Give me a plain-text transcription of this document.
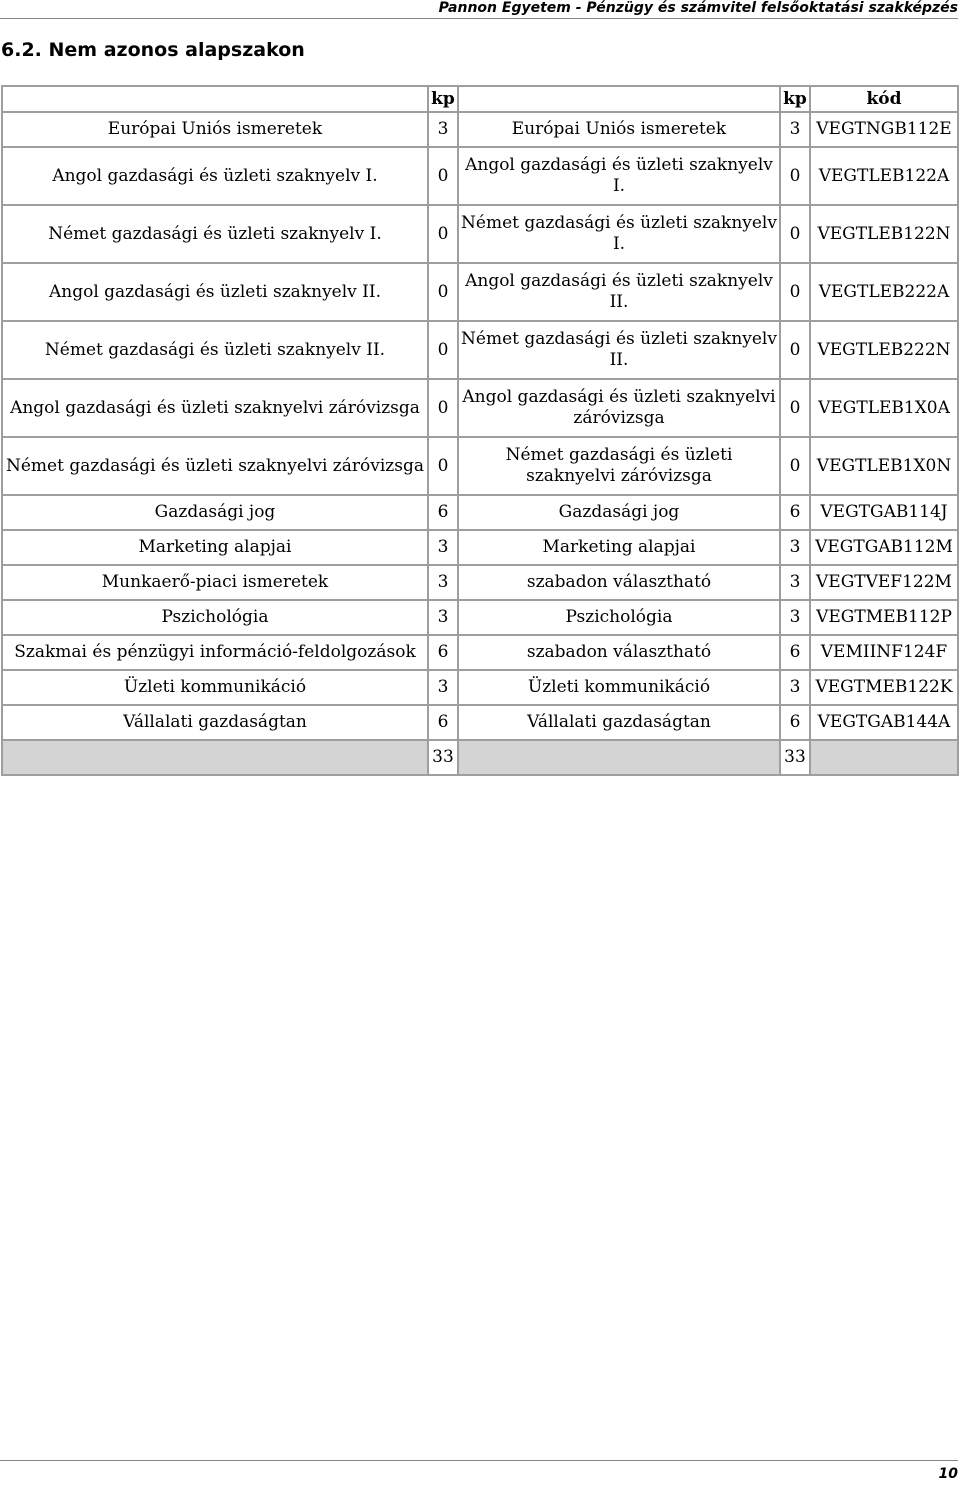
Pannon Egyetem - Pénzügy és számvitel felsőoktatási szakképzés
6.2. Nem azonos alapszakon
	kp		kp	kód
Európai Uniós ismeretek	3	Európai Uniós ismeretek	3	VEGTNGB112E
Angol gazdasági és üzleti szaknyelv I.	0	Angol gazdasági és üzleti szaknyelv I.	0	VEGTLEB122A
Német gazdasági és üzleti szaknyelv I.	0	Német gazdasági és üzleti szaknyelv I.	0	VEGTLEB122N
Angol gazdasági és üzleti szaknyelv II.	0	Angol gazdasági és üzleti szaknyelv II.	0	VEGTLEB222A
Német gazdasági és üzleti szaknyelv II.	0	Német gazdasági és üzleti szaknyelv II.	0	VEGTLEB222N
Angol gazdasági és üzleti szaknyelvi záróvizsga	0	Angol gazdasági és üzleti szaknyelvi záróvizsga	0	VEGTLEB1X0A
Német gazdasági és üzleti szaknyelvi záróvizsga	0	Német gazdasági és üzleti szaknyelvi záróvizsga	0	VEGTLEB1X0N
Gazdasági jog	6	Gazdasági jog	6	VEGTGAB114J
Marketing alapjai	3	Marketing alapjai	3	VEGTGAB112M
Munkaerő-piaci ismeretek	3	szabadon választható	3	VEGTVEF122M
Pszichológia	3	Pszichológia	3	VEGTMEB112P
Szakmai és pénzügyi információ-feldolgozások	6	szabadon választható	6	VEMIINF124F
Üzleti kommunikáció	3	Üzleti kommunikáció	3	VEGTMEB122K
Vállalati gazdaságtan	6	Vállalati gazdaságtan	6	VEGTGAB144A
	33		33	
10
